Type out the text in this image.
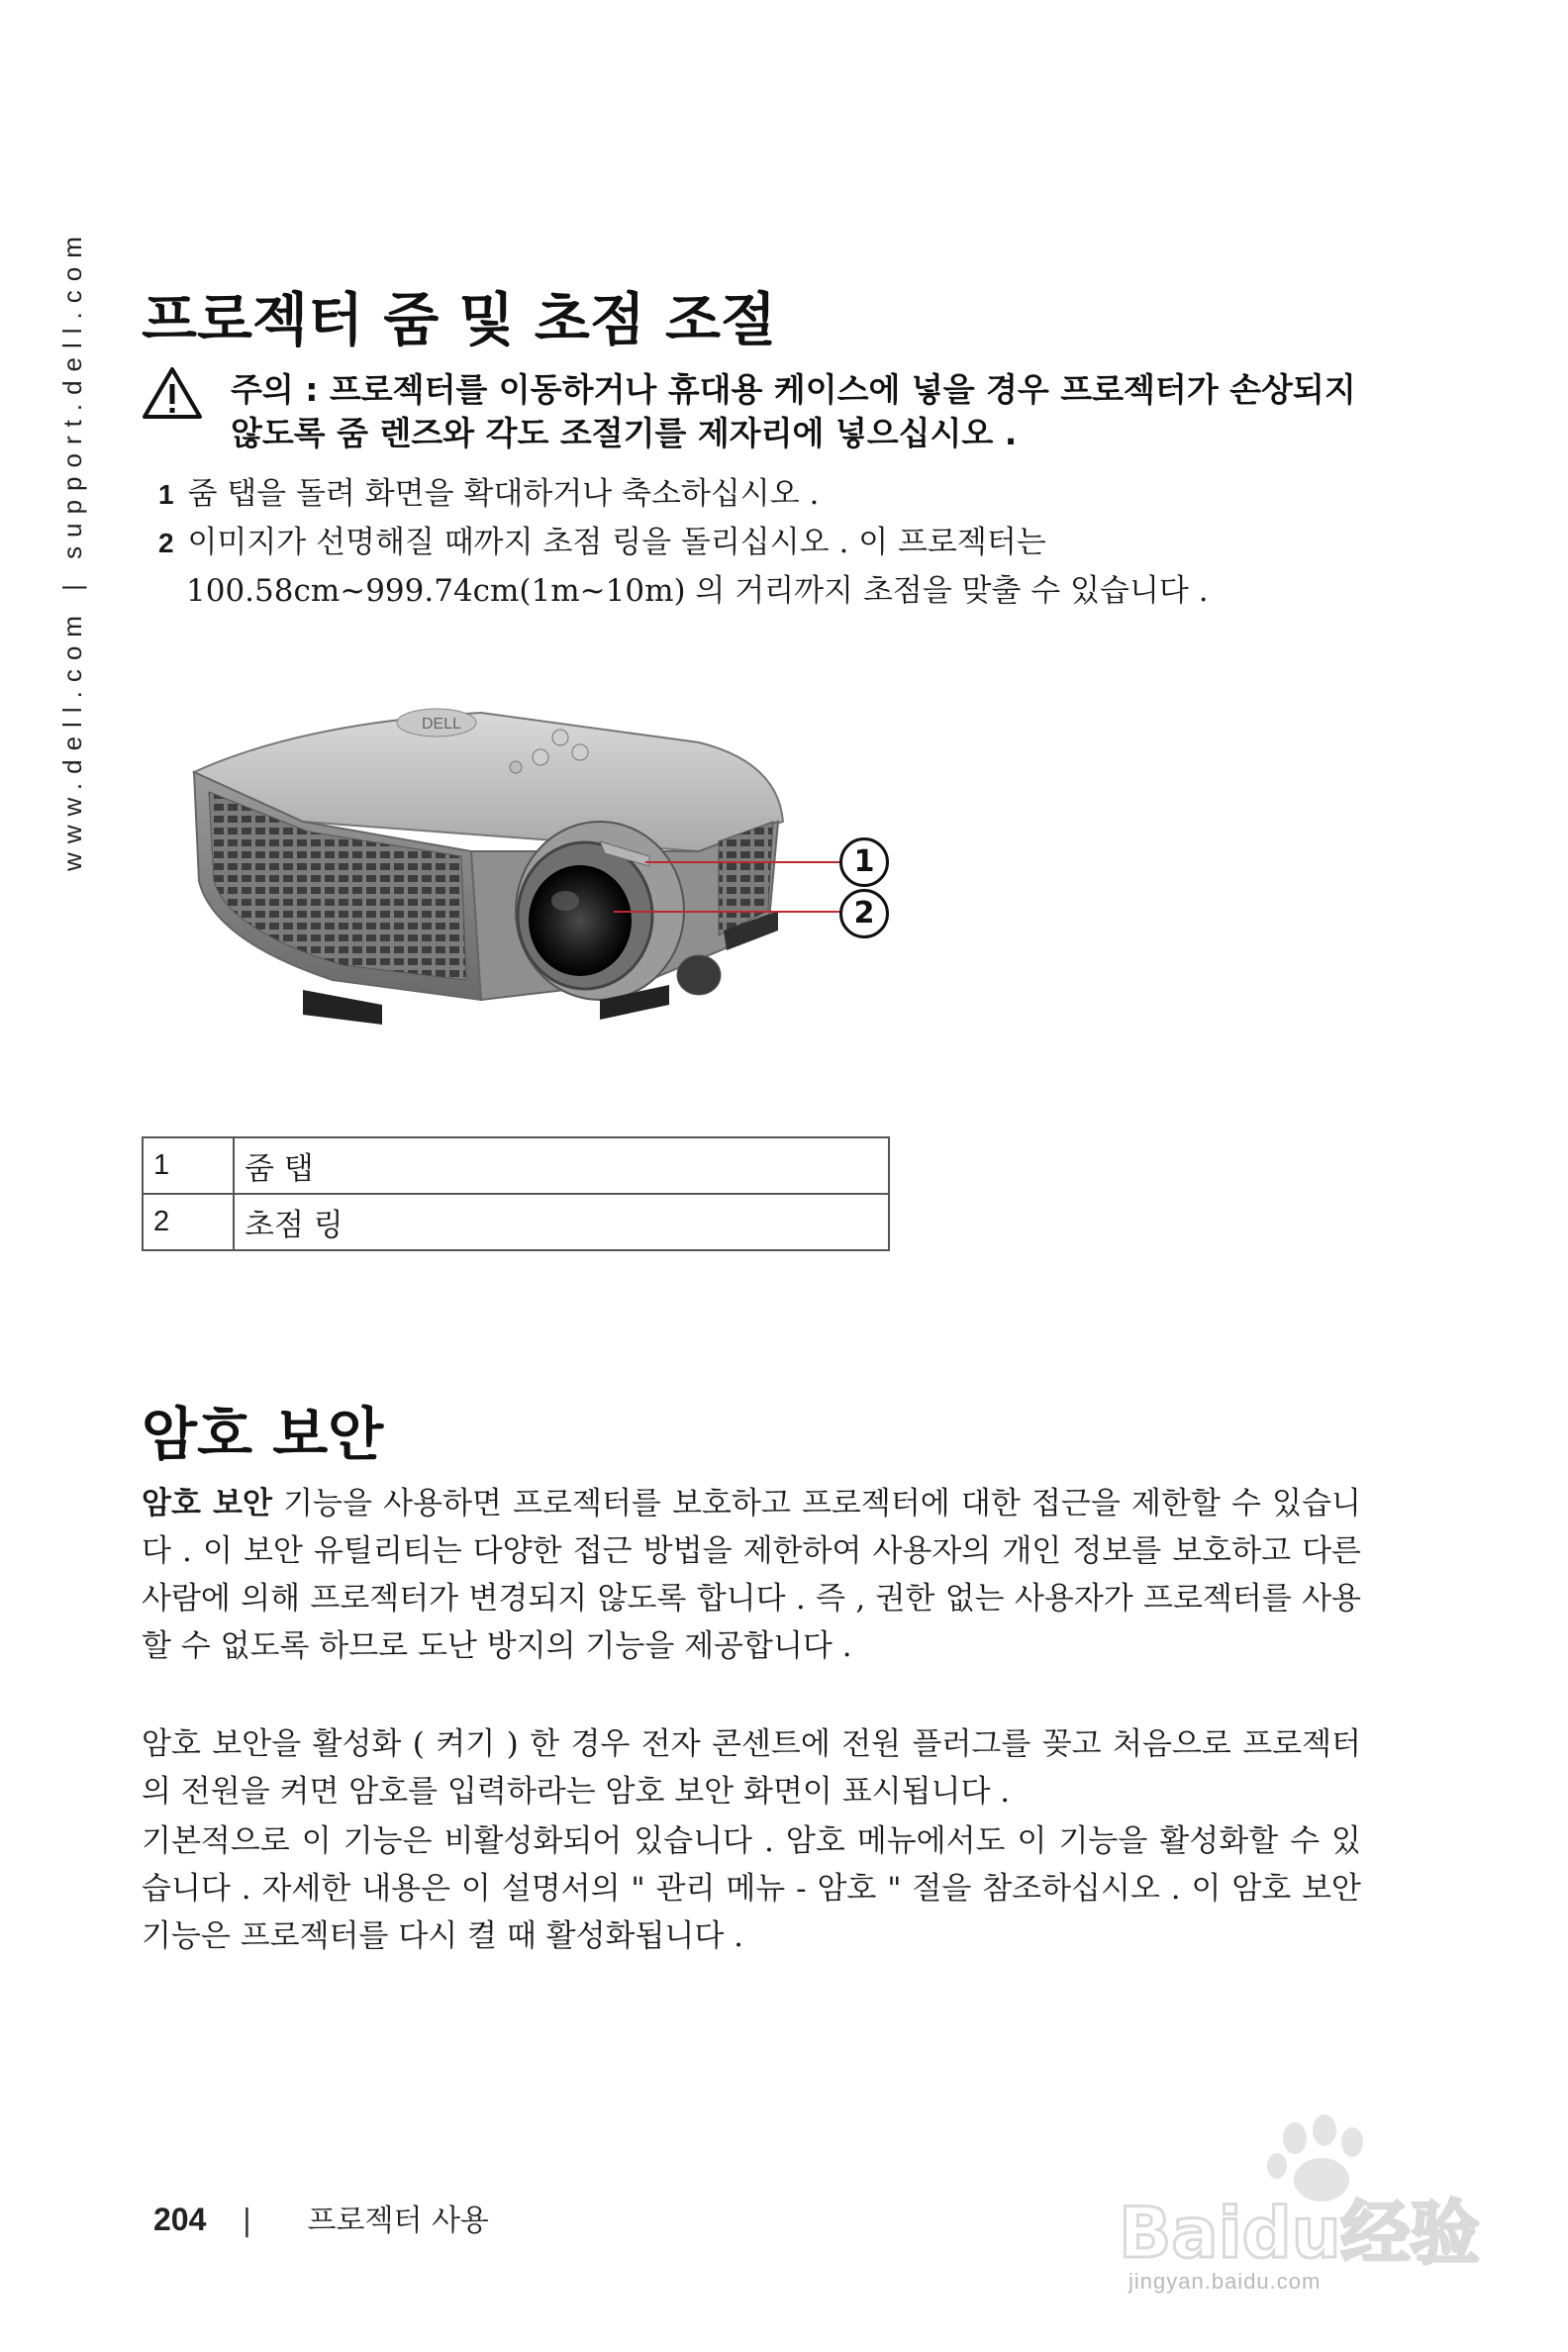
www.dell.com | support.dell.com 프로젝터 줌 및 초점 조절
주의 : 프로젝터를 이동하거나 휴대용 케이스에 넣을 경우 프로젝터가 손상되지 않도록 줌 렌즈와 각도 조절기를 제자리에 넣으십시오 .
1 줌 탭을 돌려 화면을 확대하거나 축소하십시오 .
2 이미지가 선명해질 때까지 초점 링을 돌리십시오 . 이 프로젝터는
100.58cm~999.74cm(1m~10m) 의 거리까지 초점을 맞출 수 있습니다 .
DELL
1
2
1	줌 탭
2	초점 링
암호 보안

암호 보안 기능을 사용하면 프로젝터를 보호하고 프로젝터에 대한 접근을 제한할 수 있습니다 . 이 보안 유틸리티는 다양한 접근 방법을 제한하여 사용자의 개인 정보를 보호하고 다른 사람에 의해 프로젝터가 변경되지 않도록 합니다 . 즉 , 권한 없는 사용자가 프로젝터를 사용할 수 없도록 하므로 도난 방지의 기능을 제공합니다 .

암호 보안을 활성화 ( 켜기 ) 한 경우 전자 콘센트에 전원 플러그를 꽂고 처음으로 프로젝터의 전원을 켜면 암호를 입력하라는 암호 보안 화면이 표시됩니다 .

기본적으로 이 기능은 비활성화되어 있습니다 . 암호 메뉴에서도 이 기능을 활성화할 수 있습니다 . 자세한 내용은 이 설명서의 " 관리 메뉴 - 암호 " 절을 참조하십시오 . 이 암호 보안 기능은 프로젝터를 다시 켤 때 활성화됩니다 .

204 | 프로젝터 사용	Baidu经验
jingyan.baidu.com
